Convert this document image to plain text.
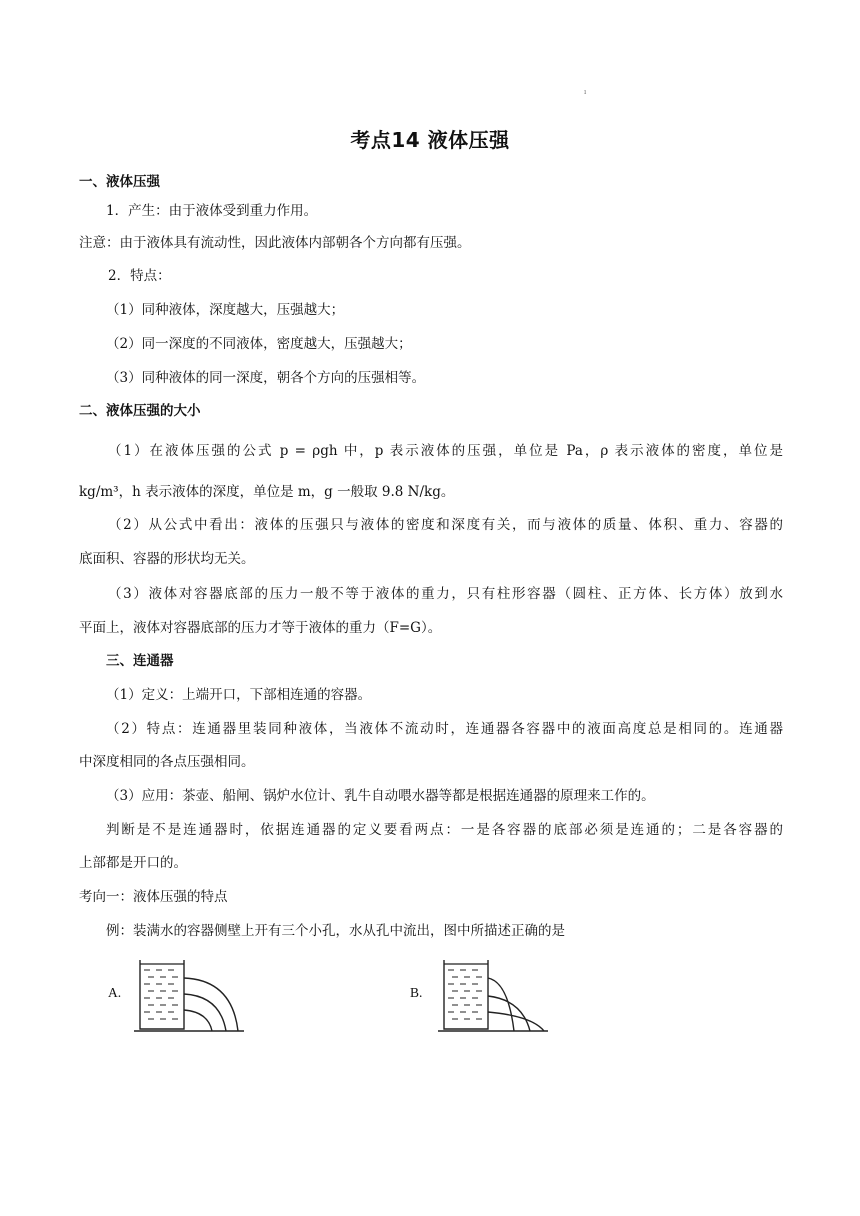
ı
考点14 液体压强
一、液体压强
1．产生：由于液体受到重力作用。
注意：由于液体具有流动性，因此液体内部朝各个方向都有压强。
2．特点：
（1）同种液体，深度越大，压强越大；
（2）同一深度的不同液体，密度越大，压强越大；
（3）同种液体的同一深度，朝各个方向的压强相等。
二、液体压强的大小
（1）在液体压强的公式 p = ρgh 中，p 表示液体的压强，单位是 Pa，ρ 表示液体的密度，单位是
kg/m³，h 表示液体的深度，单位是 m，g 一般取 9.8 N/kg。
（2）从公式中看出：液体的压强只与液体的密度和深度有关，而与液体的质量、体积、重力、容器的
底面积、容器的形状均无关。
（3）液体对容器底部的压力一般不等于液体的重力，只有柱形容器（圆柱、正方体、长方体）放到水
平面上，液体对容器底部的压力才等于液体的重力（F=G）。
三、连通器
（1）定义：上端开口，下部相连通的容器。
（2）特点：连通器里装同种液体，当液体不流动时，连通器各容器中的液面高度总是相同的。连通器
中深度相同的各点压强相同。
（3）应用：茶壶、船闸、锅炉水位计、乳牛自动喂水器等都是根据连通器的原理来工作的。
判断是不是连通器时，依据连通器的定义要看两点：一是各容器的底部必须是连通的；二是各容器的
上部都是开口的。
考向一：液体压强的特点
例：装满水的容器侧壁上开有三个小孔，水从孔中流出，图中所描述正确的是
A.	B.
